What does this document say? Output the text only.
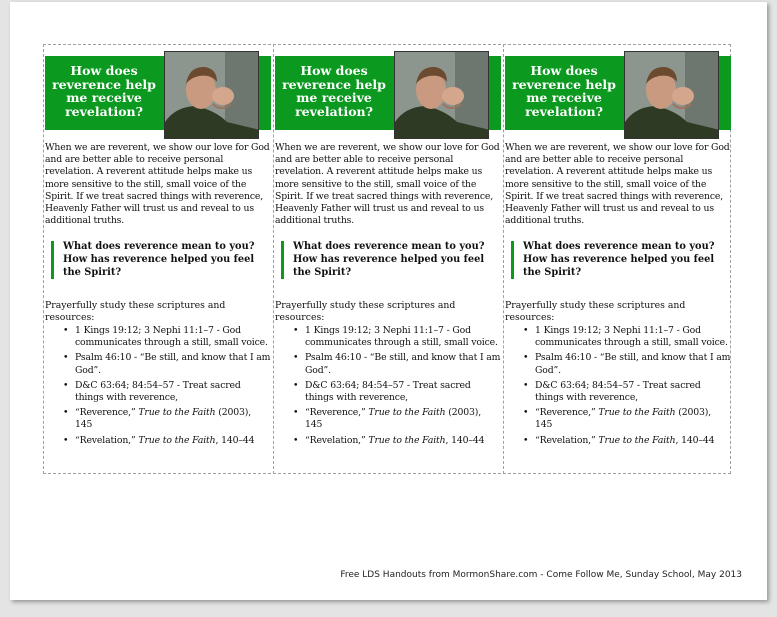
How does
reverence help
me receive
revelation?
When we are reverent, we show our love for God and are better able to receive personal revelation. A reverent attitude helps make us more sensitive to the still, small voice of the Spirit. If we treat sacred things with reverence, Heavenly Father will trust us and reveal to us additional truths.
What does reverence mean to you? How has reverence helped you feel the Spirit?
Prayerfully study these scriptures and resources:
• 1 Kings 19:12; 3 Nephi 11:1–7 - God communicates through a still, small voice.
• Psalm 46:10 - “Be still, and know that I am God”.
• D&C 63:64; 84:54–57 - Treat sacred things with reverence,
• “Reverence,” True to the Faith (2003), 145
• “Revelation,” True to the Faith, 140–44
How does
reverence help
me receive
revelation?
When we are reverent, we show our love for God and are better able to receive personal revelation. A reverent attitude helps make us more sensitive to the still, small voice of the Spirit. If we treat sacred things with reverence, Heavenly Father will trust us and reveal to us additional truths.
What does reverence mean to you? How has reverence helped you feel the Spirit?
Prayerfully study these scriptures and resources:
• 1 Kings 19:12; 3 Nephi 11:1–7 - God communicates through a still, small voice.
• Psalm 46:10 - “Be still, and know that I am God”.
• D&C 63:64; 84:54–57 - Treat sacred things with reverence,
• “Reverence,” True to the Faith (2003), 145
• “Revelation,” True to the Faith, 140–44
How does
reverence help
me receive
revelation?
When we are reverent, we show our love for God and are better able to receive personal revelation. A reverent attitude helps make us more sensitive to the still, small voice of the Spirit. If we treat sacred things with reverence, Heavenly Father will trust us and reveal to us additional truths.
What does reverence mean to you? How has reverence helped you feel the Spirit?
Prayerfully study these scriptures and resources:
• 1 Kings 19:12; 3 Nephi 11:1–7 - God communicates through a still, small voice.
• Psalm 46:10 - “Be still, and know that I am God”.
• D&C 63:64; 84:54–57 - Treat sacred things with reverence,
• “Reverence,” True to the Faith (2003), 145
• “Revelation,” True to the Faith, 140–44
Free LDS Handouts from MormonShare.com - Come Follow Me, Sunday School, May 2013
